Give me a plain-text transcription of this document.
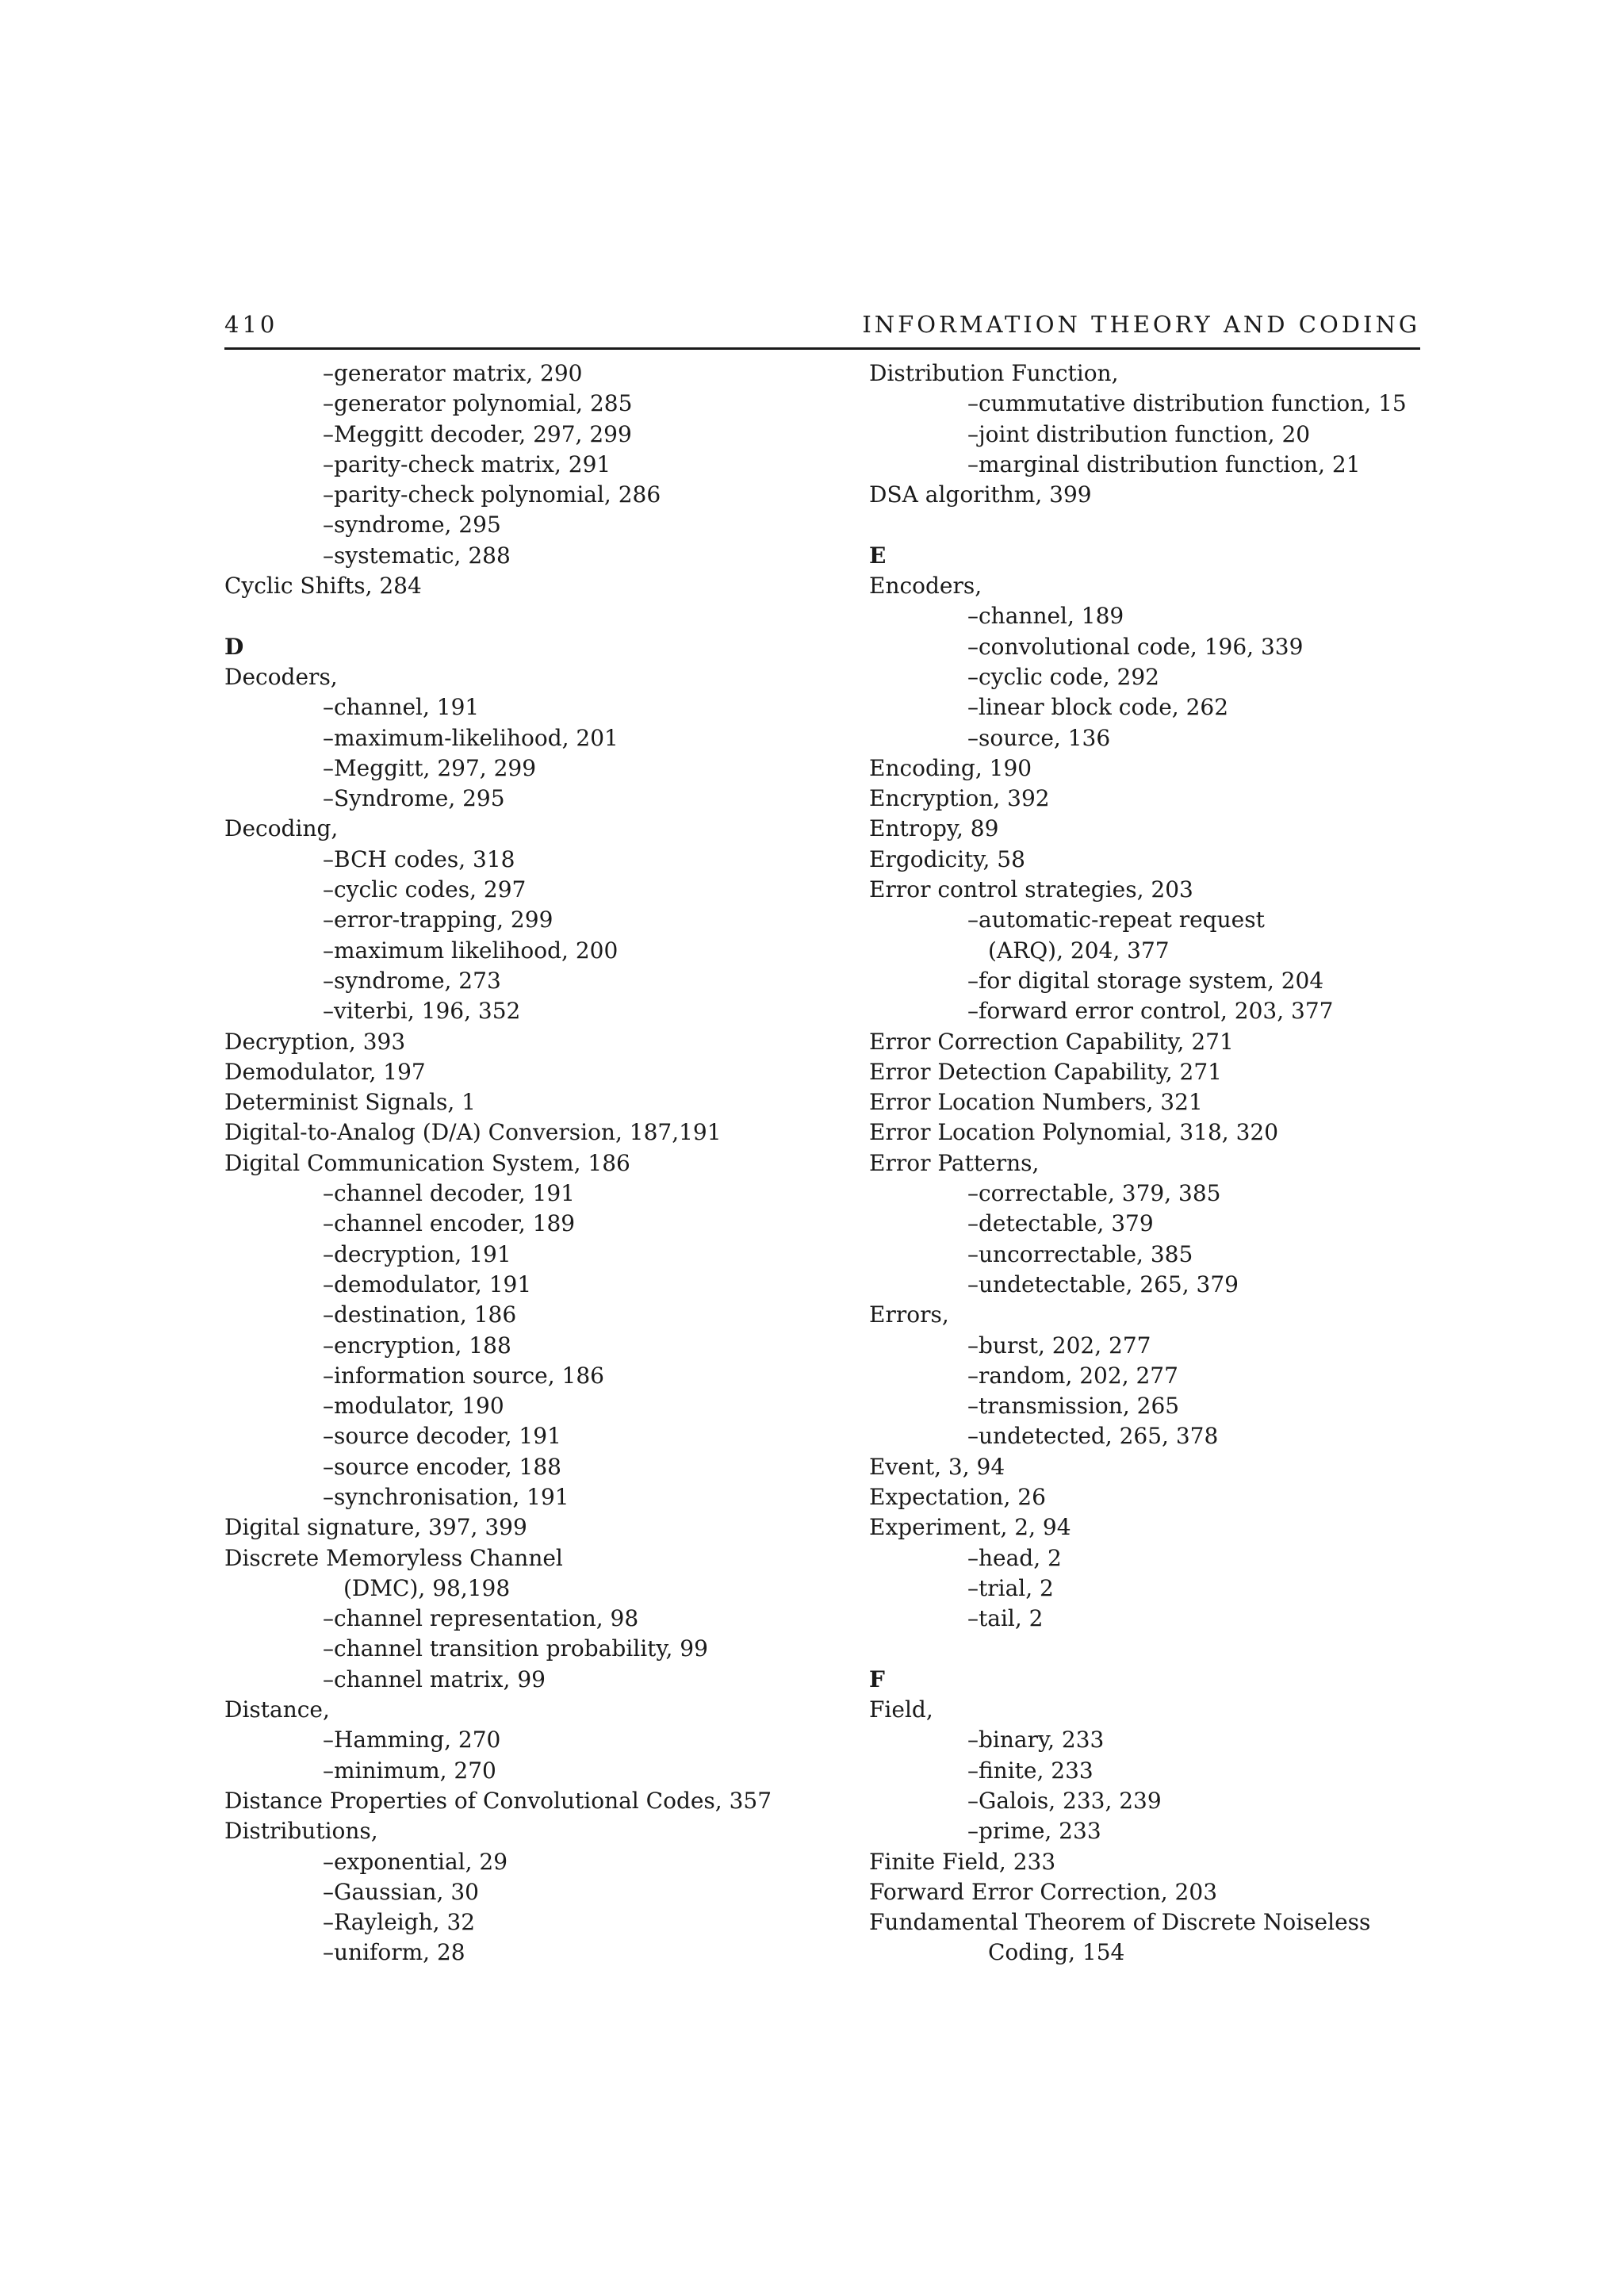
410	INFORMATION THEORY AND CODING
–generator matrix, 290
–generator polynomial, 285
–Meggitt decoder, 297, 299
–parity-check matrix, 291
–parity-check polynomial, 286
–syndrome, 295
–systematic, 288
Cyclic Shifts, 284
D
Decoders,
–channel, 191
–maximum-likelihood, 201
–Meggitt, 297, 299
–Syndrome, 295
Decoding,
–BCH codes, 318
–cyclic codes, 297
–error-trapping, 299
–maximum likelihood, 200
–syndrome, 273
–viterbi, 196, 352
Decryption, 393
Demodulator, 197
Determinist Signals, 1
Digital-to-Analog (D/A) Conversion, 187,191
Digital Communication System, 186
–channel decoder, 191
–channel encoder, 189
–decryption, 191
–demodulator, 191
–destination, 186
–encryption, 188
–information source, 186
–modulator, 190
–source decoder, 191
–source encoder, 188
–synchronisation, 191
Digital signature, 397, 399
Discrete Memoryless Channel
(DMC), 98,198
–channel representation, 98
–channel transition probability, 99
–channel matrix, 99
Distance,
–Hamming, 270
–minimum, 270
Distance Properties of Convolutional Codes, 357
Distributions,
–exponential, 29
–Gaussian, 30
–Rayleigh, 32
–uniform, 28
Distribution Function,
–cummutative distribution function, 15
–joint distribution function, 20
–marginal distribution function, 21
DSA algorithm, 399
E
Encoders,
–channel, 189
–convolutional code, 196, 339
–cyclic code, 292
–linear block code, 262
–source, 136
Encoding, 190
Encryption, 392
Entropy, 89
Ergodicity, 58
Error control strategies, 203
–automatic-repeat request
(ARQ), 204, 377
–for digital storage system, 204
–forward error control, 203, 377
Error Correction Capability, 271
Error Detection Capability, 271
Error Location Numbers, 321
Error Location Polynomial, 318, 320
Error Patterns,
–correctable, 379, 385
–detectable, 379
–uncorrectable, 385
–undetectable, 265, 379
Errors,
–burst, 202, 277
–random, 202, 277
–transmission, 265
–undetected, 265, 378
Event, 3, 94
Expectation, 26
Experiment, 2, 94
–head, 2
–trial, 2
–tail, 2
F
Field,
–binary, 233
–finite, 233
–Galois, 233, 239
–prime, 233
Finite Field, 233
Forward Error Correction, 203
Fundamental Theorem of Discrete Noiseless
Coding, 154
